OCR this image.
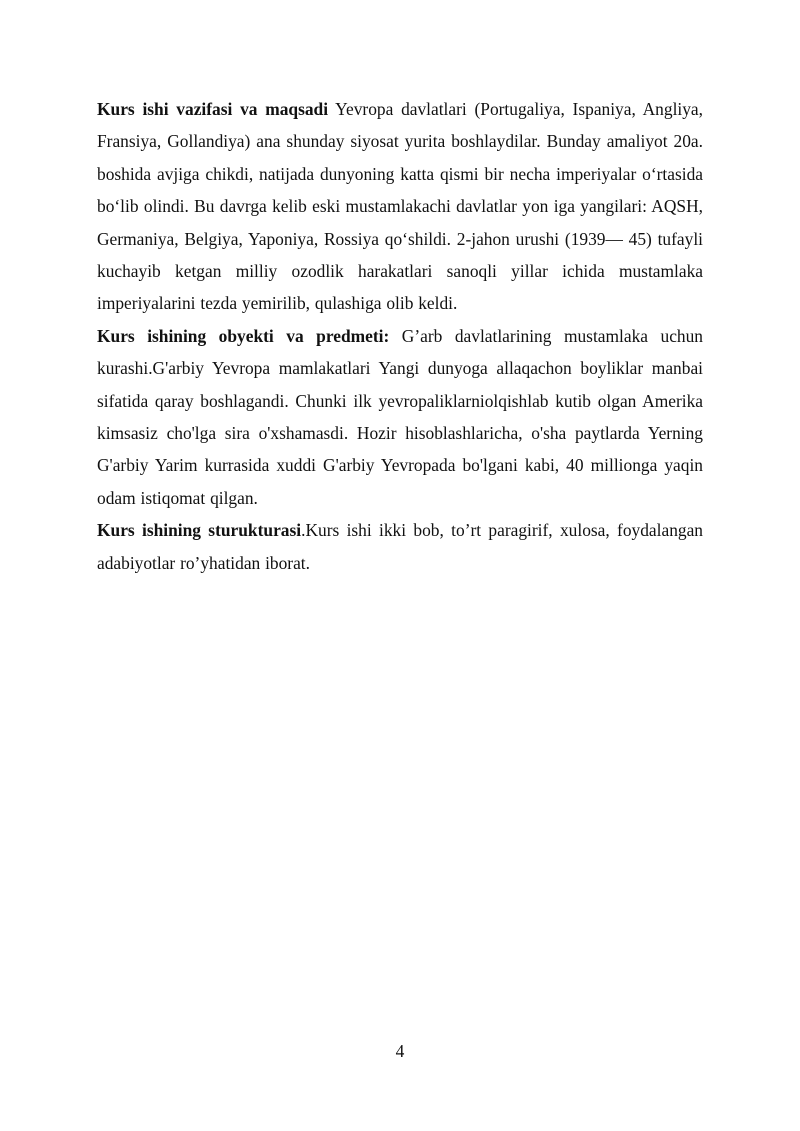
Kurs ishi vazifasi va maqsadi Yevropa davlatlari (Portugaliya, Ispaniya, Angliya, Fransiya, Gollandiya) ana shunday siyosat yurita boshlaydilar. Bunday amaliyot 20a. boshida avjiga chikdi, natijada dunyoning katta qismi bir necha imperiyalar o‘rtasida bo‘lib olindi. Bu davrga kelib eski mustamlakachi davlatlar yon iga yangilari: AQSH, Germaniya, Belgiya, Yaponiya, Rossiya qo‘shildi. 2-jahon urushi (1939— 45) tufayli kuchayib ketgan milliy ozodlik harakatlari sanoqli yillar ichida mustamlaka imperiyalarini tezda yemirilib, qulashiga olib keldi.

Kurs ishining obyekti va predmeti: G’arb davlatlarining mustamlaka uchun kurashi.G'arbiy Yevropa mamlakatlari Yangi dunyoga allaqachon boyliklar manbai sifatida qaray boshlagandi. Chunki ilk yevropaliklarniolqishlab kutib olgan Amerika kimsasiz cho'lga sira o'xshamasdi. Hozir hisoblashlaricha, o'sha paytlarda Yerning G'arbiy Yarim kurrasida xuddi G'arbiy Yevropada bo'lgani kabi, 40 millionga yaqin odam istiqomat qilgan.

Kurs ishining sturukturasi.Kurs ishi ikki bob, to’rt paragirif, xulosa, foydalangan adabiyotlar ro’yhatidan iborat.

4
